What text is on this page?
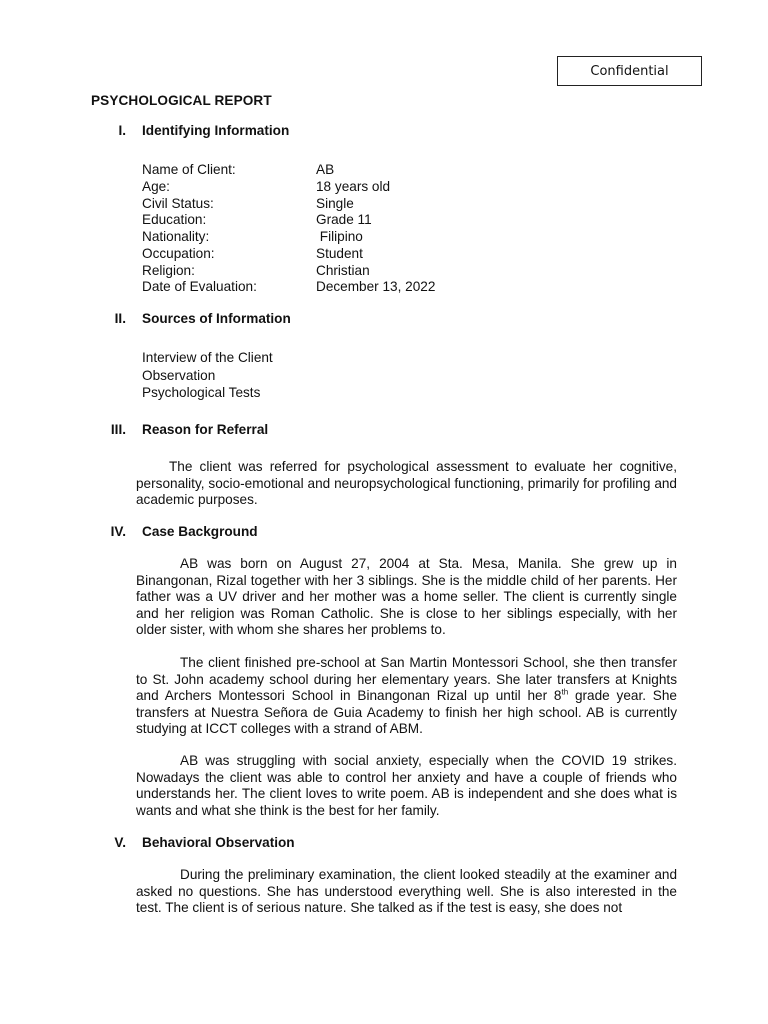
Confidential
PSYCHOLOGICAL REPORT
I. Identifying Information
Name of Client:	AB
Age:	18 years old
Civil Status:	Single
Education:	Grade 11
Nationality:	Filipino
Occupation:	Student
Religion:	Christian
Date of Evaluation:	December 13, 2022
II. Sources of Information
Interview of the Client
Observation
Psychological Tests
III. Reason for Referral

The client was referred for psychological assessment to evaluate her cognitive, personality, socio-emotional and neuropsychological functioning, primarily for profiling and academic purposes.

IV. Case Background

AB was born on August 27, 2004 at Sta. Mesa, Manila. She grew up in Binangonan, Rizal together with her 3 siblings. She is the middle child of her parents. Her father was a UV driver and her mother was a home seller. The client is currently single and her religion was Roman Catholic. She is close to her siblings especially, with her older sister, with whom she shares her problems to.

The client finished pre-school at San Martin Montessori School, she then transfer to St. John academy school during her elementary years. She later transfers at Knights and Archers Montessori School in Binangonan Rizal up until her 8th grade year. She transfers at Nuestra Señora de Guia Academy to finish her high school. AB is currently studying at ICCT colleges with a strand of ABM.

AB was struggling with social anxiety, especially when the COVID 19 strikes. Nowadays the client was able to control her anxiety and have a couple of friends who understands her. The client loves to write poem. AB is independent and she does what is wants and what she think is the best for her family.

V. Behavioral Observation

During the preliminary examination, the client looked steadily at the examiner and asked no questions. She has understood everything well. She is also interested in the test. The client is of serious nature. She talked as if the test is easy, she does not
